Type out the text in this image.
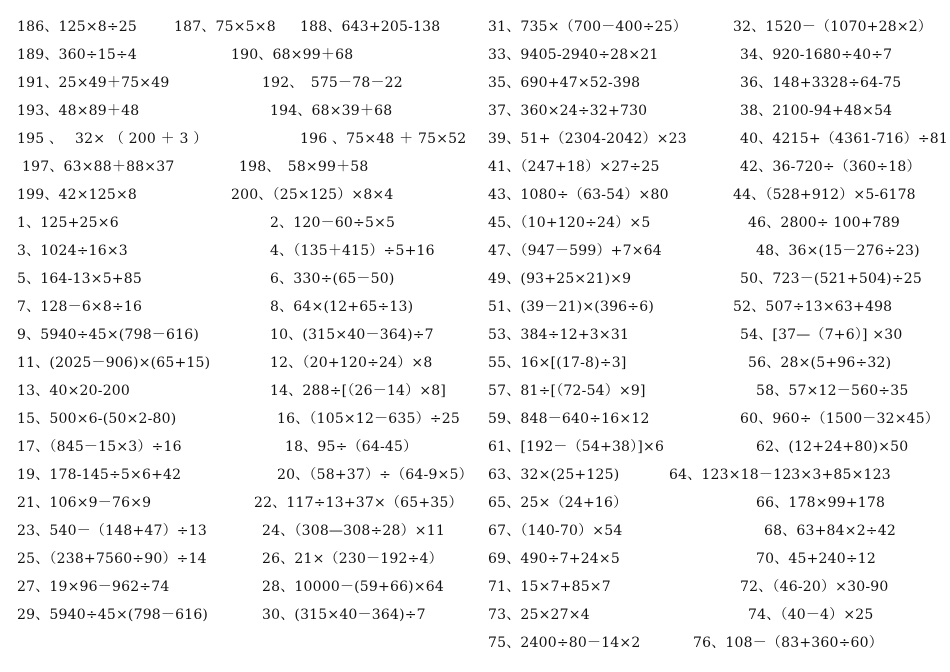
186、125×8÷25	187、75×5×8 188、643+205-138
189、360÷15÷4	190、68×99＋68
191、25×49＋75×49	192、　575－78－22
193、48×89＋48	194、68×39＋68
195 、　 32× （ 200 ＋ 3 ）	196 、75×48 ＋ 75×52
197、63×88＋88×37	198、　58×99＋58
199、42×125×8	200、（25×125）×8×4
1、125+25×6	2、120－60÷5×5
3、1024÷16×3	4、（135＋415）÷5+16
5、164-13×5+85	6、330÷(65－50)
7、128－6×8÷16	8、64×(12+65÷13)
9、5940÷45×(798－616)	10、(315×40－364)÷7
11、(2025－906)×(65+15)	12、（20+120÷24）×8
13、40×20-200	14、288÷[（26－14）×8]
15、500×6-(50×2-80)	16、（105×12－635）÷25
17、（845－15×3）÷16	18、95÷（64-45）
19、178-145÷5×6+42	20、（58+37）÷（64-9×5）
21、106×9－76×9	22、117÷13+37×（65+35）
23、540－（148+47）÷13	24、（308—308÷28）×11
25、（238+7560÷90）÷14	26、21×（230－192÷4）
27、19×96－962÷74	28、10000－(59+66)×64
29、5940÷45×(798－616)	30、(315×40－364)÷7
31、735×（700－400÷25）	32、1520－（1070+28×2）
33、9405-2940÷28×21	34、920-1680÷40÷7
35、690+47×52-398	36、148+3328÷64-75
37、360×24÷32+730	38、2100-94+48×54
39、51+（2304-2042）×23	40、4215+（4361-716）÷81
41、（247+18）×27÷25	42、36-720÷（360÷18）
43、1080÷（63-54）×80	44、（528+912）×5-6178
45、（10+120÷24）×5	46、2800÷ 100+789
47、（947－599）+7×64	48、36×(15－276÷23)
49、(93+25×21)×9	50、723－(521+504)÷25
51、(39－21)×(396÷6)	52、507÷13×63+498
53、384÷12+3×31	54、[37—（7+6）] ×30
55、16×[(17-8)÷3]	56、28×(5+96÷32)
57、81÷[（72-54）×9]	58、57×12－560÷35
59、848－640÷16×12	60、960÷（1500－32×45）
61、[192－（54+38）]×6	62、(12+24+80)×50
63、32×(25+125)	64、123×18－123×3+85×123
65、25×（24+16）	66、178×99+178
67、（140-70）×54	68、63+84×2÷42
69、490÷7+24×5	70、45+240÷12
71、15×7+85×7	72、（46-20）×30-90
73、25×27×4	74、（40－4）×25
75、2400÷80－14×2	76、108－（83+360÷60）
